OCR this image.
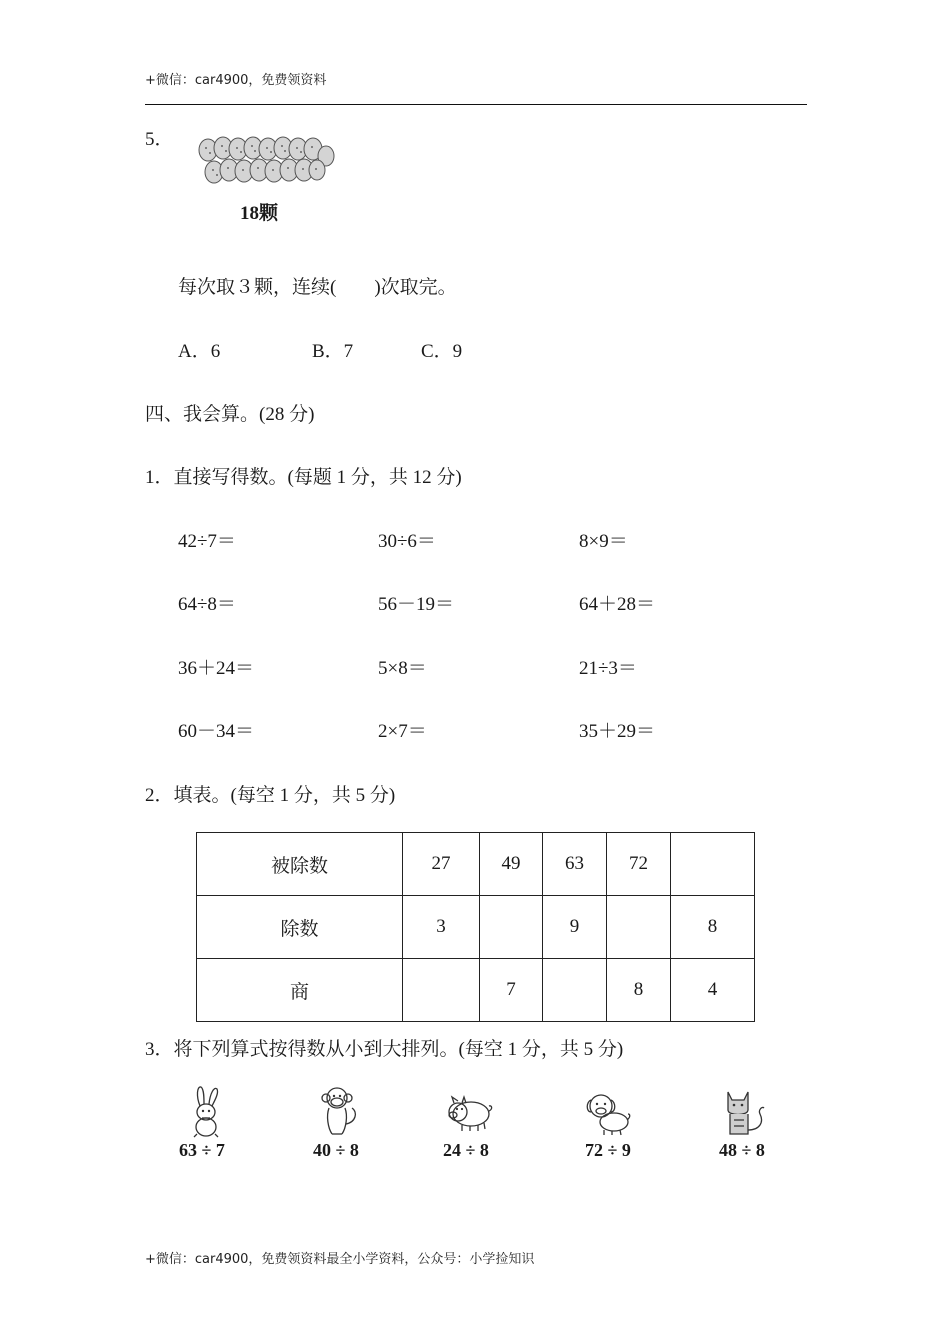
+微信：car4900，免费领资料
5．
18颗
每次取３颗，连续(　　)次取完。
A．6	B．7	C．9
四、我会算。(28 分)
1．直接写得数。(每题 1 分，共 12 分)
42÷7＝	30÷6＝	8×9＝
64÷8＝	56－19＝	64＋28＝
36＋24＝	5×8＝	21÷3＝
60－34＝	2×7＝	35＋29＝
2．填表。(每空 1 分，共 5 分)
被除数	27	49	63	72	
除数	3		9		8
商		7		8	4
3．将下列算式按得数从小到大排列。(每空 1 分，共 5 分)
63 ÷ 7	40 ÷ 8	24 ÷ 8	72 ÷ 9	48 ÷ 8
+微信：car4900，免费领资料最全小学资料，公众号：小学捡知识
